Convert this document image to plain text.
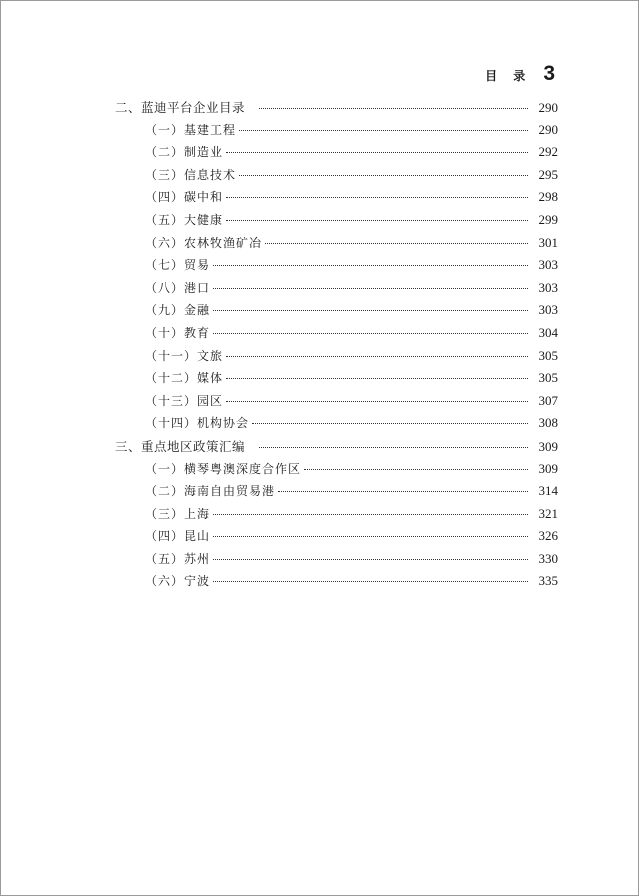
目 录 3
二、蓝迪平台企业目录	290
（一）基建工程	290
（二）制造业	292
（三）信息技术	295
（四）碳中和	298
（五）大健康	299
（六）农林牧渔矿冶	301
（七）贸易	303
（八）港口	303
（九）金融	303
（十）教育	304
（十一）文旅	305
（十二）媒体	305
（十三）园区	307
（十四）机构协会	308
三、重点地区政策汇编	309
（一）横琴粤澳深度合作区	309
（二）海南自由贸易港	314
（三）上海	321
（四）昆山	326
（五）苏州	330
（六）宁波	335
